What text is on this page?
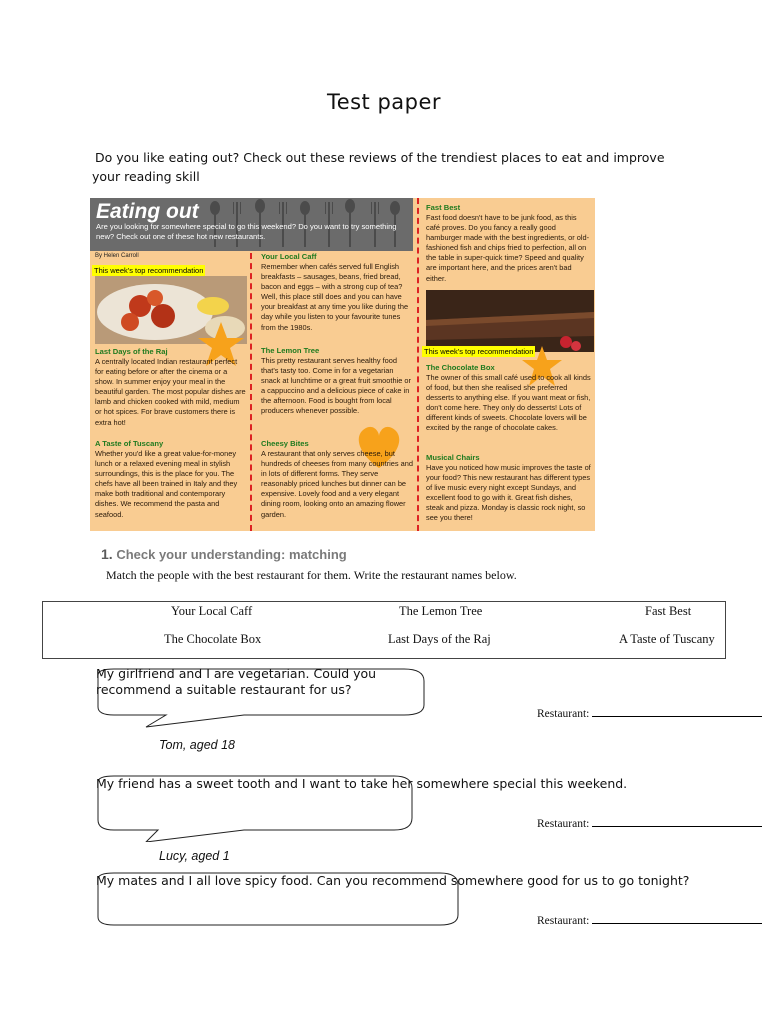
Test paper
Do you like eating out? Check out these reviews of the trendiest places to eat and improve your reading skill
Eating out
Are you looking for somewhere special to go this weekend? Do you want to try something new? Check out one of these hot new restaurants.
By Helen Carroll
This week's top recommendation
Last Days of the Raj
A centrally located Indian restaurant perfect for eating before or after the cinema or a show. In summer enjoy your meal in the beautiful garden. The most popular dishes are lamb and chicken cooked with mild, medium or hot spices. For brave customers there is extra hot!
A Taste of Tuscany
Whether you'd like a great value-for-money lunch or a relaxed evening meal in stylish surroundings, this is the place for you. The chefs have all been trained in Italy and they make both traditional and contemporary dishes. We recommend the pasta and seafood.
Your Local Caff
Remember when cafés served full English breakfasts – sausages, beans, fried bread, bacon and eggs – with a strong cup of tea? Well, this place still does and you can have your breakfast at any time you like during the day while you listen to your favourite tunes from the 1980s.
The Lemon Tree
This pretty restaurant serves healthy food that's tasty too. Come in for a vegetarian snack at lunchtime or a great fruit smoothie or a cappuccino and a delicious piece of cake in the afternoon. Food is bought from local producers whenever possible.
Cheesy Bites
A restaurant that only serves cheese, but hundreds of cheeses from many countries and in lots of different forms. They serve reasonably priced lunches but dinner can be expensive. Lovely food and a very elegant dining room, looking onto an amazing flower garden.
Fast Best
Fast food doesn't have to be junk food, as this café proves. Do you fancy a really good hamburger made with the best ingredients, or old-fashioned fish and chips fried to perfection, all on the table in super-quick time? Speed and quality are important here, and the prices aren't bad either.
This week's top recommendation
The Chocolate Box
The owner of this small café used to cook all kinds of food, but then she realised she preferred desserts to anything else. If you want meat or fish, don't come here. They only do desserts! Lots of different kinds of sweets. Chocolate lovers will be excited by the range of chocolate cakes.
Musical Chairs
Have you noticed how music improves the taste of your food? This new restaurant has different types of live music every night except Sundays, and excellent food to go with it. Great fish dishes, steak and pizza. Monday is classic rock night, so see you there!
1. Check your understanding: matching
Match the people with the best restaurant for them. Write the restaurant names below.
Your Local Caff	The Lemon Tree	Fast Best
The Chocolate Box	Last Days of the Raj	A Taste of Tuscany
My girlfriend and I are vegetarian. Could you recommend a suitable restaurant for us?
Tom, aged 18
Restaurant:
My friend has a sweet tooth and I want to take her somewhere special this weekend.
Lucy, aged 1
Restaurant:
My mates and I all love spicy food. Can you recommend somewhere good for us to go tonight?
Restaurant:
